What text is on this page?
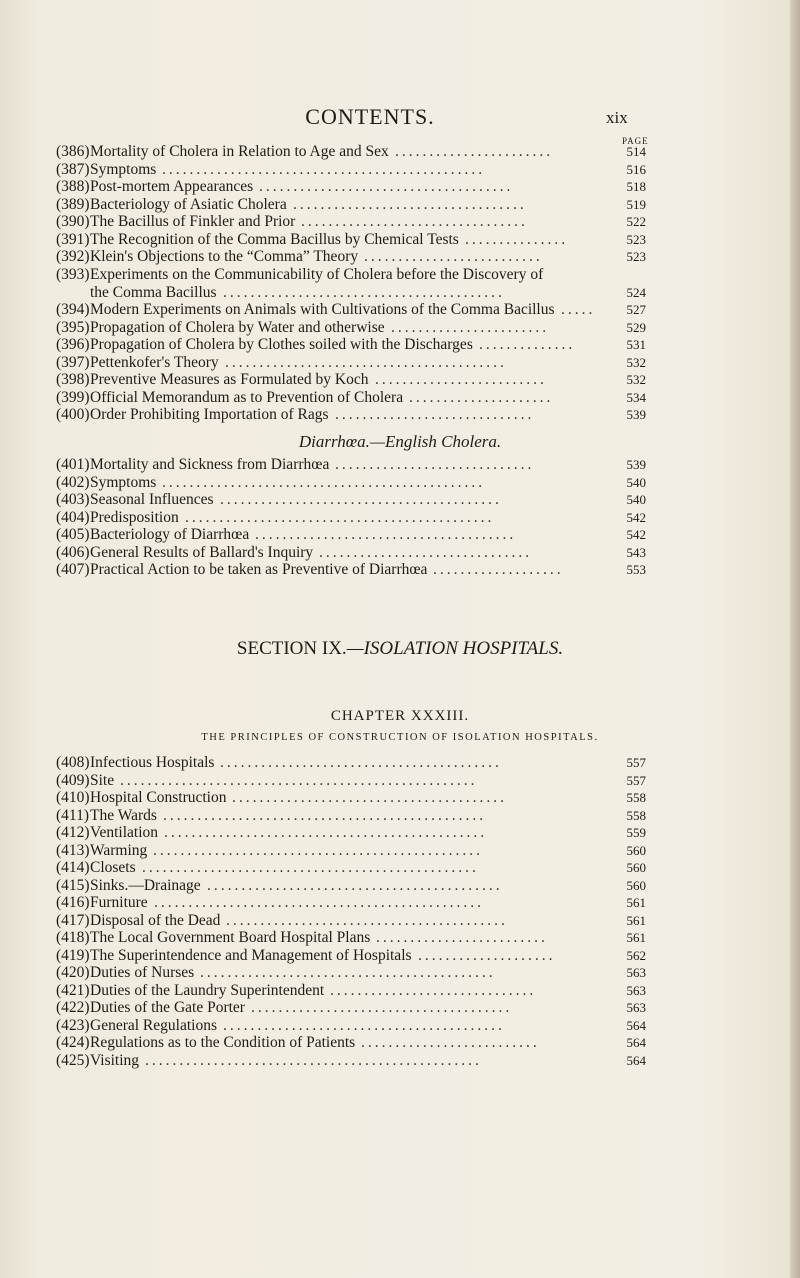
CONTENTS.	xix
PAGE
(386) Mortality of Cholera in Relation to Age and Sex .......................	514
(387) Symptoms ...............................................	516
(388) Post-mortem Appearances .....................................	518
(389) Bacteriology of Asiatic Cholera ..................................	519
(390) The Bacillus of Finkler and Prior .................................	522
(391) The Recognition of the Comma Bacillus by Chemical Tests ...............	523
(392) Klein's Objections to the “Comma” Theory ..........................	523
(393) Experiments on the Communicability of Cholera before the Discovery of
the Comma Bacillus .........................................	524
(394) Modern Experiments on Animals with Cultivations of the Comma Bacillus .....	527
(395) Propagation of Cholera by Water and otherwise .......................	529
(396) Propagation of Cholera by Clothes soiled with the Discharges ..............	531
(397) Pettenkofer's Theory .........................................	532
(398) Preventive Measures as Formulated by Koch .........................	532
(399) Official Memorandum as to Prevention of Cholera .....................	534
(400) Order Prohibiting Importation of Rags .............................	539
Diarrhœa.—English Cholera.
(401) Mortality and Sickness from Diarrhœa .............................	539
(402) Symptoms ...............................................	540
(403) Seasonal Influences .........................................	540
(404) Predisposition .............................................	542
(405) Bacteriology of Diarrhœa ......................................	542
(406) General Results of Ballard's Inquiry ...............................	543
(407) Practical Action to be taken as Preventive of Diarrhœa ...................	553
SECTION IX.—ISOLATION HOSPITALS.
CHAPTER XXXIII.
THE PRINCIPLES OF CONSTRUCTION OF ISOLATION HOSPITALS.
(408) Infectious Hospitals .........................................	557
(409) Site ....................................................	557
(410) Hospital Construction ........................................	558
(411) The Wards ...............................................	558
(412) Ventilation ...............................................	559
(413) Warming ................................................	560
(414) Closets .................................................	560
(415) Sinks.—Drainage ...........................................	560
(416) Furniture ................................................	561
(417) Disposal of the Dead .........................................	561
(418) The Local Government Board Hospital Plans .........................	561
(419) The Superintendence and Management of Hospitals ....................	562
(420) Duties of Nurses ...........................................	563
(421) Duties of the Laundry Superintendent ..............................	563
(422) Duties of the Gate Porter ......................................	563
(423) General Regulations .........................................	564
(424) Regulations as to the Condition of Patients ..........................	564
(425) Visiting .................................................	564
